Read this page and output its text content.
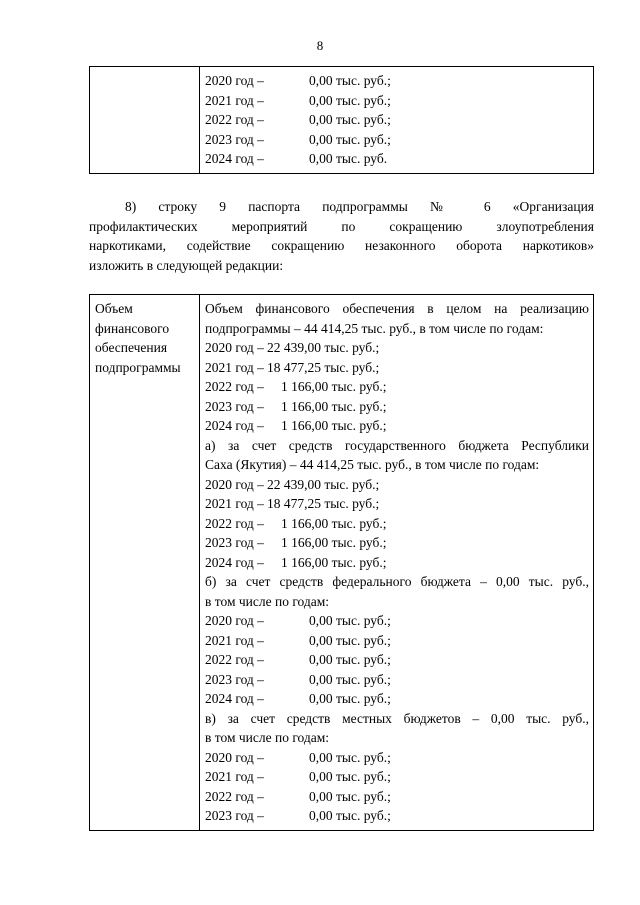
8

2020 год –	0,00 тыс. руб.;
2021 год –	0,00 тыс. руб.;
2022 год –	0,00 тыс. руб.;
2023 год –	0,00 тыс. руб.;
2024 год –	0,00 тыс. руб.
8) строку 9 паспорта подпрограммы № 6 «Организация
профилактических мероприятий по сокращению злоупотребления
наркотиками, содействие сокращению незаконного оборота наркотиков»
изложить в следующей редакции:
Объем
финансового
обеспечения
подпрограммы

Объем финансового обеспечения в целом на реализацию
подпрограммы – 44 414,25 тыс. руб., в том числе по годам:
2020 год – 22 439,00 тыс. руб.;
2021 год – 18 477,25 тыс. руб.;
2022 год – 1 166,00 тыс. руб.;
2023 год – 1 166,00 тыс. руб.;
2024 год – 1 166,00 тыс. руб.;
а) за счет средств государственного бюджета Республики
Саха (Якутия) – 44 414,25 тыс. руб., в том числе по годам:
2020 год – 22 439,00 тыс. руб.;
2021 год – 18 477,25 тыс. руб.;
2022 год – 1 166,00 тыс. руб.;
2023 год – 1 166,00 тыс. руб.;
2024 год – 1 166,00 тыс. руб.;
б) за счет средств федерального бюджета – 0,00 тыс. руб.,
в том числе по годам:
2020 год –	0,00 тыс. руб.;
2021 год –	0,00 тыс. руб.;
2022 год –	0,00 тыс. руб.;
2023 год –	0,00 тыс. руб.;
2024 год –	0,00 тыс. руб.;
в) за счет средств местных бюджетов – 0,00 тыс. руб.,
в том числе по годам:
2020 год –	0,00 тыс. руб.;
2021 год –	0,00 тыс. руб.;
2022 год –	0,00 тыс. руб.;
2023 год –	0,00 тыс. руб.;
